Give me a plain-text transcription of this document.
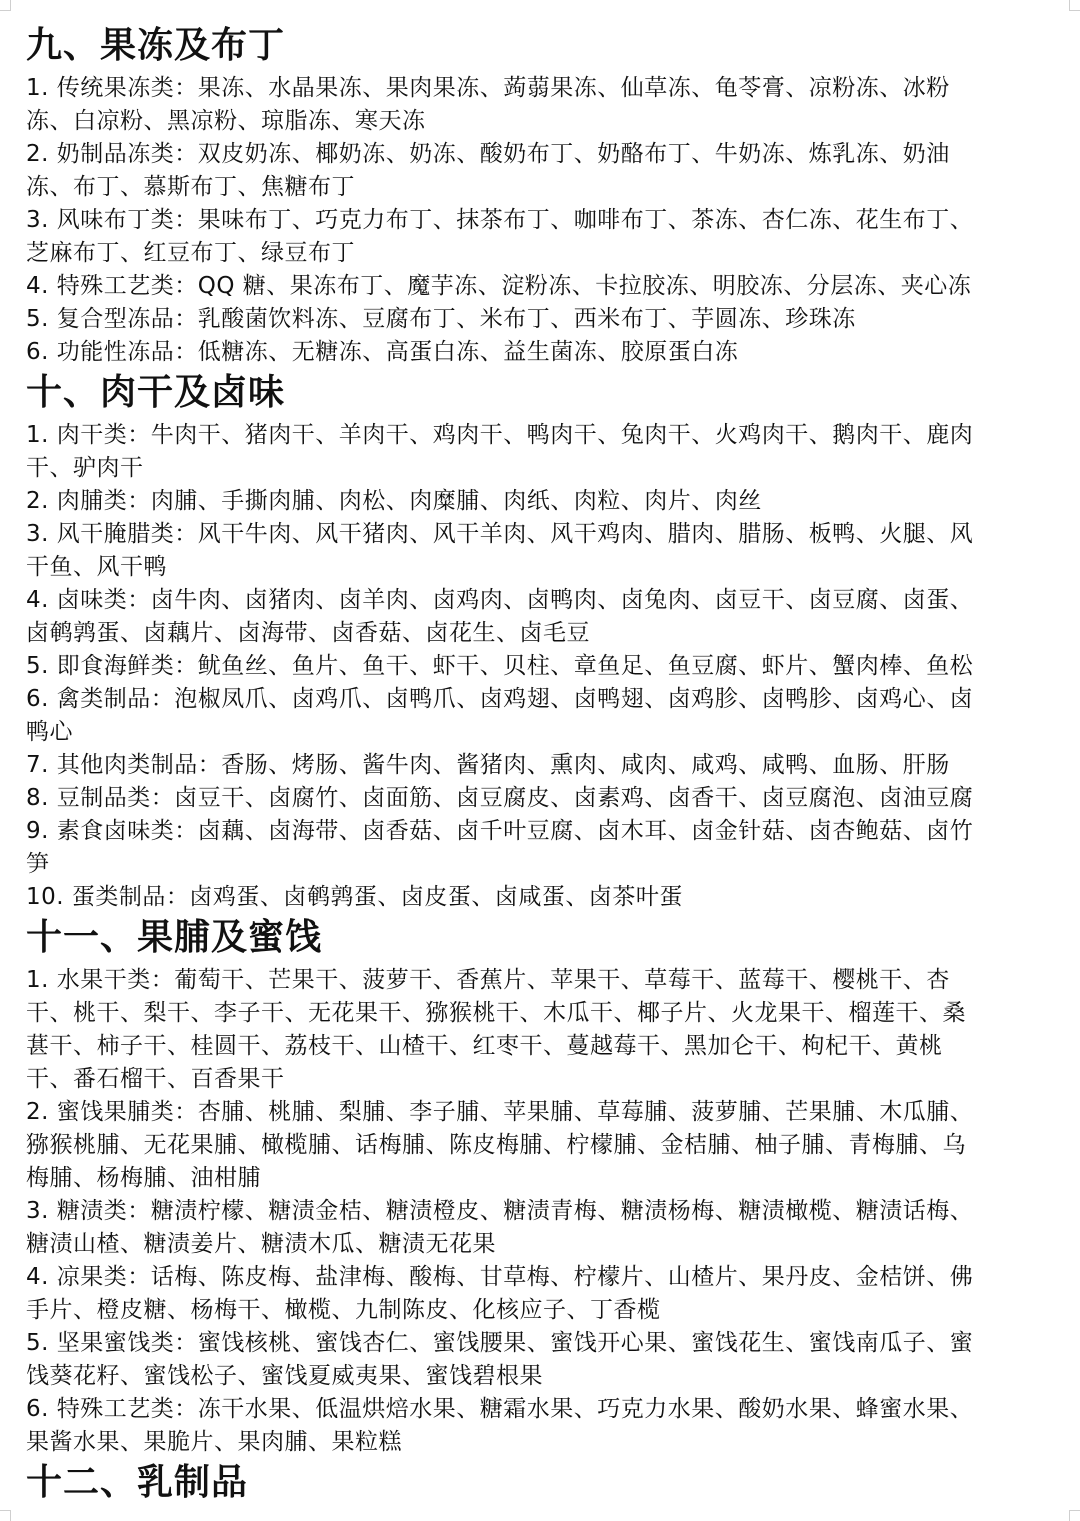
九、果冻及布丁

1. 传统果冻类：果冻、水晶果冻、果肉果冻、蒟蒻果冻、仙草冻、龟苓膏、凉粉冻、冰粉

冻、白凉粉、黑凉粉、琼脂冻、寒天冻

2. 奶制品冻类：双皮奶冻、椰奶冻、奶冻、酸奶布丁、奶酪布丁、牛奶冻、炼乳冻、奶油

冻、布丁、慕斯布丁、焦糖布丁

3. 风味布丁类：果味布丁、巧克力布丁、抹茶布丁、咖啡布丁、茶冻、杏仁冻、花生布丁、

芝麻布丁、红豆布丁、绿豆布丁

4. 特殊工艺类：QQ 糖、果冻布丁、魔芋冻、淀粉冻、卡拉胶冻、明胶冻、分层冻、夹心冻

5. 复合型冻品：乳酸菌饮料冻、豆腐布丁、米布丁、西米布丁、芋圆冻、珍珠冻

6. 功能性冻品：低糖冻、无糖冻、高蛋白冻、益生菌冻、胶原蛋白冻

十、肉干及卤味

1. 肉干类：牛肉干、猪肉干、羊肉干、鸡肉干、鸭肉干、兔肉干、火鸡肉干、鹅肉干、鹿肉

干、驴肉干

2. 肉脯类：肉脯、手撕肉脯、肉松、肉糜脯、肉纸、肉粒、肉片、肉丝

3. 风干腌腊类：风干牛肉、风干猪肉、风干羊肉、风干鸡肉、腊肉、腊肠、板鸭、火腿、风

干鱼、风干鸭

4. 卤味类：卤牛肉、卤猪肉、卤羊肉、卤鸡肉、卤鸭肉、卤兔肉、卤豆干、卤豆腐、卤蛋、

卤鹌鹑蛋、卤藕片、卤海带、卤香菇、卤花生、卤毛豆

5. 即食海鲜类：鱿鱼丝、鱼片、鱼干、虾干、贝柱、章鱼足、鱼豆腐、虾片、蟹肉棒、鱼松

6. 禽类制品：泡椒凤爪、卤鸡爪、卤鸭爪、卤鸡翅、卤鸭翅、卤鸡胗、卤鸭胗、卤鸡心、卤

鸭心

7. 其他肉类制品：香肠、烤肠、酱牛肉、酱猪肉、熏肉、咸肉、咸鸡、咸鸭、血肠、肝肠

8. 豆制品类：卤豆干、卤腐竹、卤面筋、卤豆腐皮、卤素鸡、卤香干、卤豆腐泡、卤油豆腐

9. 素食卤味类：卤藕、卤海带、卤香菇、卤千叶豆腐、卤木耳、卤金针菇、卤杏鲍菇、卤竹

笋

10. 蛋类制品：卤鸡蛋、卤鹌鹑蛋、卤皮蛋、卤咸蛋、卤茶叶蛋

十一、果脯及蜜饯

1. 水果干类：葡萄干、芒果干、菠萝干、香蕉片、苹果干、草莓干、蓝莓干、樱桃干、杏

干、桃干、梨干、李子干、无花果干、猕猴桃干、木瓜干、椰子片、火龙果干、榴莲干、桑

葚干、柿子干、桂圆干、荔枝干、山楂干、红枣干、蔓越莓干、黑加仑干、枸杞干、黄桃

干、番石榴干、百香果干

2. 蜜饯果脯类：杏脯、桃脯、梨脯、李子脯、苹果脯、草莓脯、菠萝脯、芒果脯、木瓜脯、

猕猴桃脯、无花果脯、橄榄脯、话梅脯、陈皮梅脯、柠檬脯、金桔脯、柚子脯、青梅脯、乌

梅脯、杨梅脯、油柑脯

3. 糖渍类：糖渍柠檬、糖渍金桔、糖渍橙皮、糖渍青梅、糖渍杨梅、糖渍橄榄、糖渍话梅、

糖渍山楂、糖渍姜片、糖渍木瓜、糖渍无花果

4. 凉果类：话梅、陈皮梅、盐津梅、酸梅、甘草梅、柠檬片、山楂片、果丹皮、金桔饼、佛

手片、橙皮糖、杨梅干、橄榄、九制陈皮、化核应子、丁香榄

5. 坚果蜜饯类：蜜饯核桃、蜜饯杏仁、蜜饯腰果、蜜饯开心果、蜜饯花生、蜜饯南瓜子、蜜

饯葵花籽、蜜饯松子、蜜饯夏威夷果、蜜饯碧根果

6. 特殊工艺类：冻干水果、低温烘焙水果、糖霜水果、巧克力水果、酸奶水果、蜂蜜水果、

果酱水果、果脆片、果肉脯、果粒糕

十二、乳制品
